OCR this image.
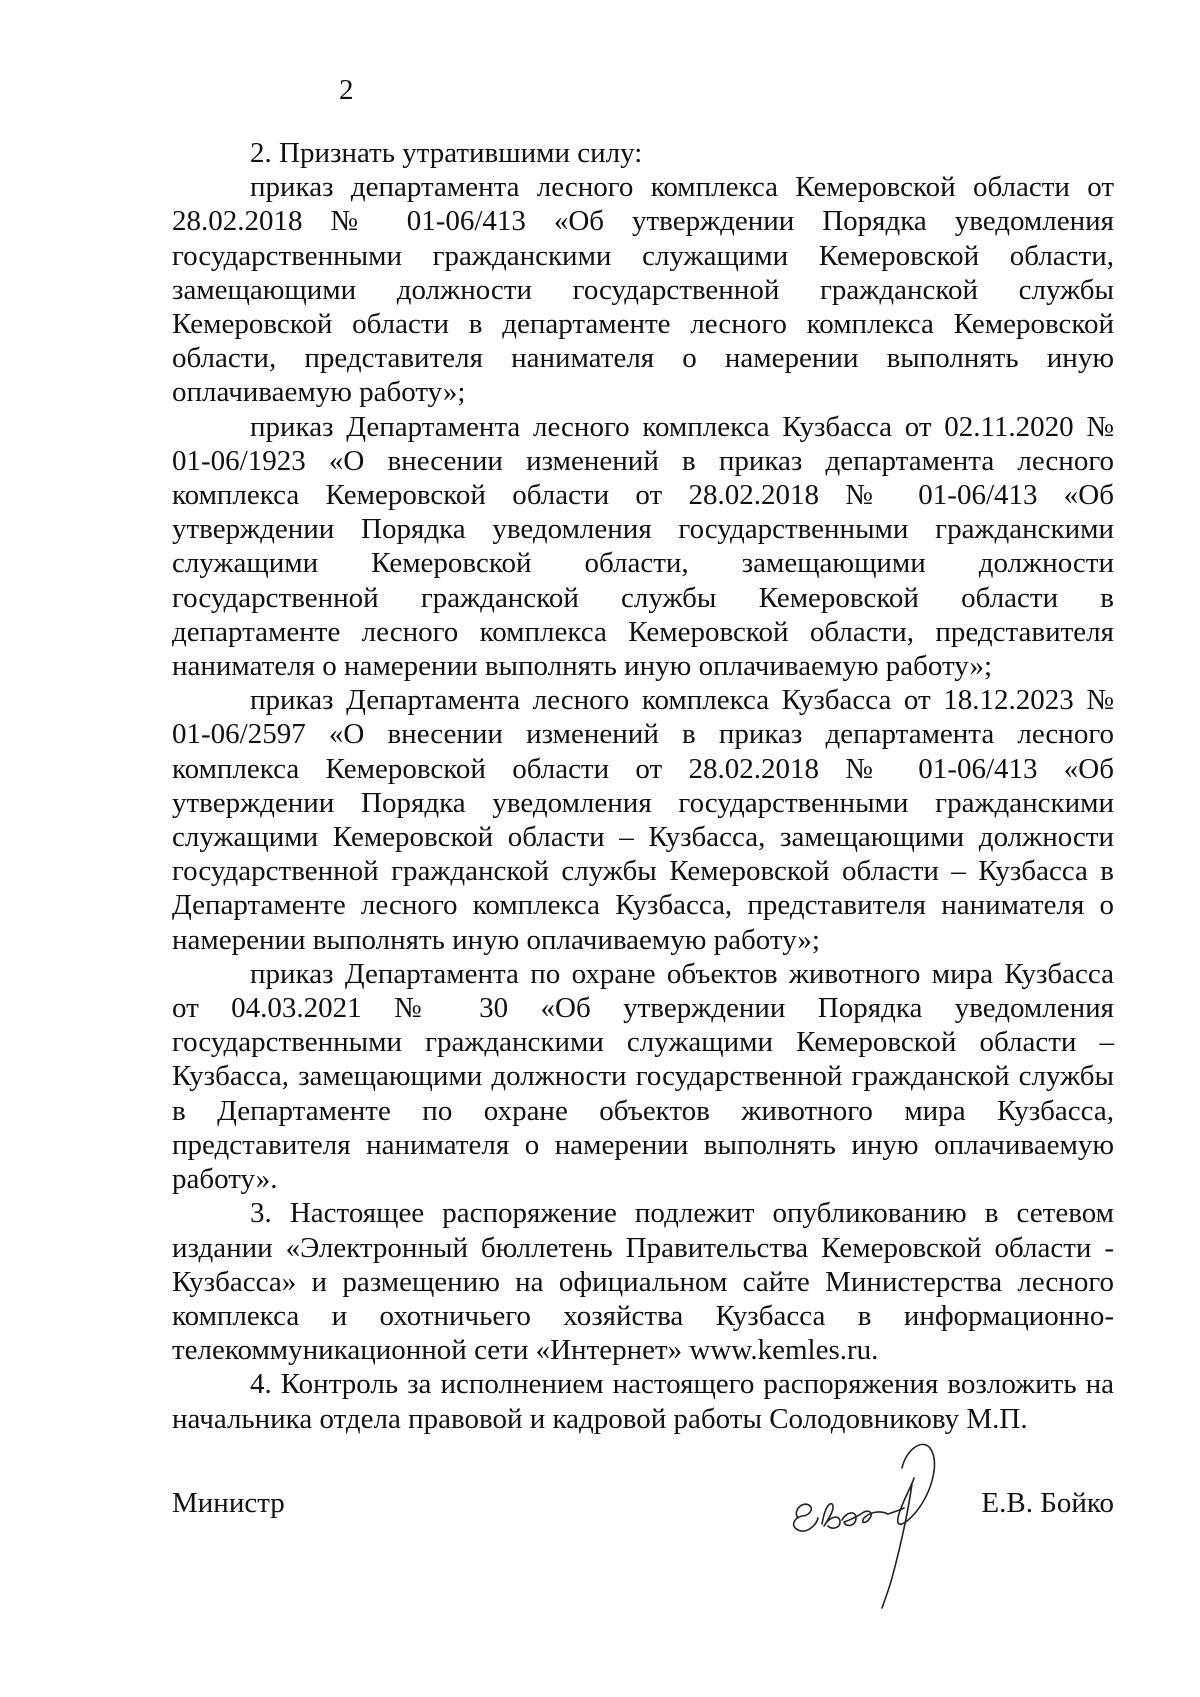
2

2. Признать утратившими силу:

приказ департамента лесного комплекса Кемеровской области от 28.02.2018 № 01-06/413 «Об утверждении Порядка уведомления государственными гражданскими служащими Кемеровской области, замещающими должности государственной гражданской службы Кемеровской области в департаменте лесного комплекса Кемеровской области, представителя нанимателя о намерении выполнять иную оплачиваемую работу»;

приказ Департамента лесного комплекса Кузбасса от 02.11.2020 № 01-06/1923 «О внесении изменений в приказ департамента лесного комплекса Кемеровской области от 28.02.2018 № 01-06/413 «Об утверждении Порядка уведомления государственными гражданскими служащими Кемеровской области, замещающими должности государственной гражданской службы Кемеровской области в департаменте лесного комплекса Кемеровской области, представителя нанимателя о намерении выполнять иную оплачиваемую работу»;

приказ Департамента лесного комплекса Кузбасса от 18.12.2023 № 01-06/2597 «О внесении изменений в приказ департамента лесного комплекса Кемеровской области от 28.02.2018 № 01-06/413 «Об утверждении Порядка уведомления государственными гражданскими служащими Кемеровской области – Кузбасса, замещающими должности государственной гражданской службы Кемеровской области – Кузбасса в Департаменте лесного комплекса Кузбасса, представителя нанимателя о намерении выполнять иную оплачиваемую работу»;

приказ Департамента по охране объектов животного мира Кузбасса от 04.03.2021 № 30 «Об утверждении Порядка уведомления государственными гражданскими служащими Кемеровской области – Кузбасса, замещающими должности государственной гражданской службы в Департаменте по охране объектов животного мира Кузбасса, представителя нанимателя о намерении выполнять иную оплачиваемую работу».

3. Настоящее распоряжение подлежит опубликованию в сетевом издании «Электронный бюллетень Правительства Кемеровской области - Кузбасса» и размещению на официальном сайте Министерства лесного комплекса и охотничьего хозяйства Кузбасса в информационно-телекоммуникационной сети «Интернет» www.kemles.ru.

4. Контроль за исполнением настоящего распоряжения возложить на начальника отдела правовой и кадровой работы Солодовникову М.П.

Министр	Е.В. Бойко
